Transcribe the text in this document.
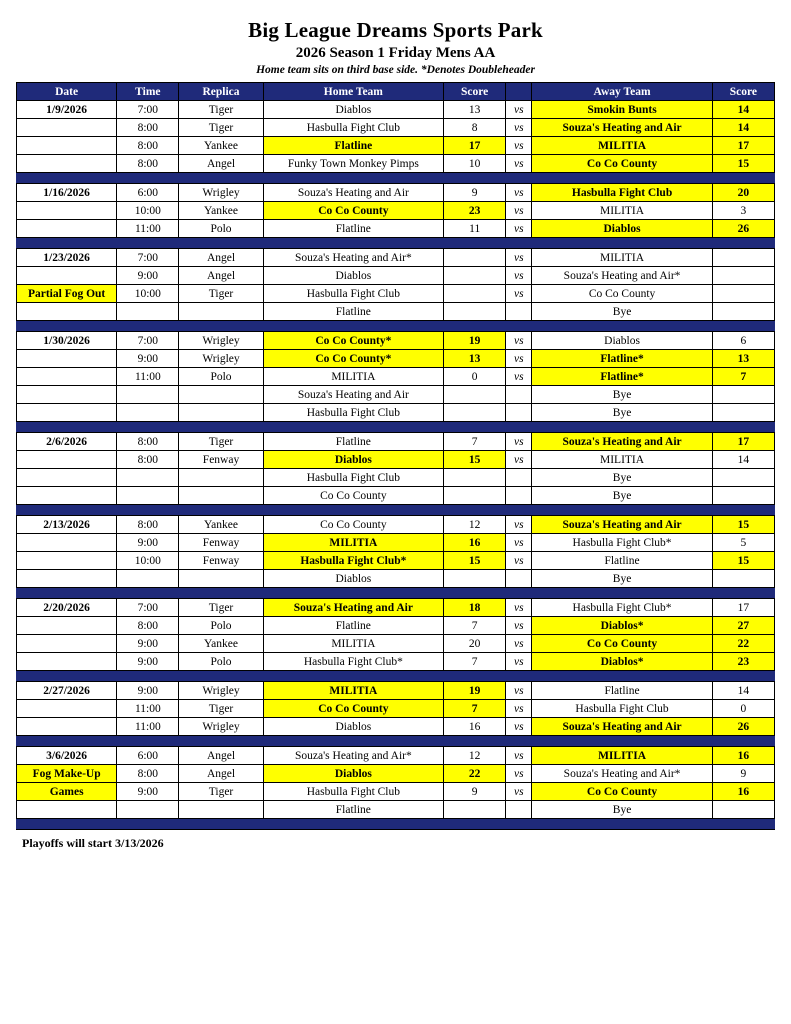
Big League Dreams Sports Park
2026 Season 1 Friday Mens AA
Home team sits on third base side. *Denotes Doubleheader
Date	Time	Replica	Home Team	Score		Away Team	Score
1/9/2026	7:00	Tiger	Diablos	13	vs	Smokin Bunts	14
	8:00	Tiger	Hasbulla Fight Club	8	vs	Souza's Heating and Air	14
	8:00	Yankee	Flatline	17	vs	MILITIA	17
	8:00	Angel	Funky Town Monkey Pimps	10	vs	Co Co County	15

1/16/2026	6:00	Wrigley	Souza's Heating and Air	9	vs	Hasbulla Fight Club	20
	10:00	Yankee	Co Co County	23	vs	MILITIA	3
	11:00	Polo	Flatline	11	vs	Diablos	26

1/23/2026	7:00	Angel	Souza's Heating and Air*		vs	MILITIA	
	9:00	Angel	Diablos		vs	Souza's Heating and Air*	
Partial Fog Out	10:00	Tiger	Hasbulla Fight Club		vs	Co Co County	
			Flatline			Bye	

1/30/2026	7:00	Wrigley	Co Co County*	19	vs	Diablos	6
	9:00	Wrigley	Co Co County*	13	vs	Flatline*	13
	11:00	Polo	MILITIA	0	vs	Flatline*	7
			Souza's Heating and Air			Bye	
			Hasbulla Fight Club			Bye	

2/6/2026	8:00	Tiger	Flatline	7	vs	Souza's Heating and Air	17
	8:00	Fenway	Diablos	15	vs	MILITIA	14
			Hasbulla Fight Club			Bye	
			Co Co County			Bye	

2/13/2026	8:00	Yankee	Co Co County	12	vs	Souza's Heating and Air	15
	9:00	Fenway	MILITIA	16	vs	Hasbulla Fight Club*	5
	10:00	Fenway	Hasbulla Fight Club*	15	vs	Flatline	15
			Diablos			Bye	

2/20/2026	7:00	Tiger	Souza's Heating and Air	18	vs	Hasbulla Fight Club*	17
	8:00	Polo	Flatline	7	vs	Diablos*	27
	9:00	Yankee	MILITIA	20	vs	Co Co County	22
	9:00	Polo	Hasbulla Fight Club*	7	vs	Diablos*	23

2/27/2026	9:00	Wrigley	MILITIA	19	vs	Flatline	14
	11:00	Tiger	Co Co County	7	vs	Hasbulla Fight Club	0
	11:00	Wrigley	Diablos	16	vs	Souza's Heating and Air	26

3/6/2026	6:00	Angel	Souza's Heating and Air*	12	vs	MILITIA	16
Fog Make-Up	8:00	Angel	Diablos	22	vs	Souza's Heating and Air*	9
Games	9:00	Tiger	Hasbulla Fight Club	9	vs	Co Co County	16
			Flatline			Bye	

Playoffs will start 3/13/2026
